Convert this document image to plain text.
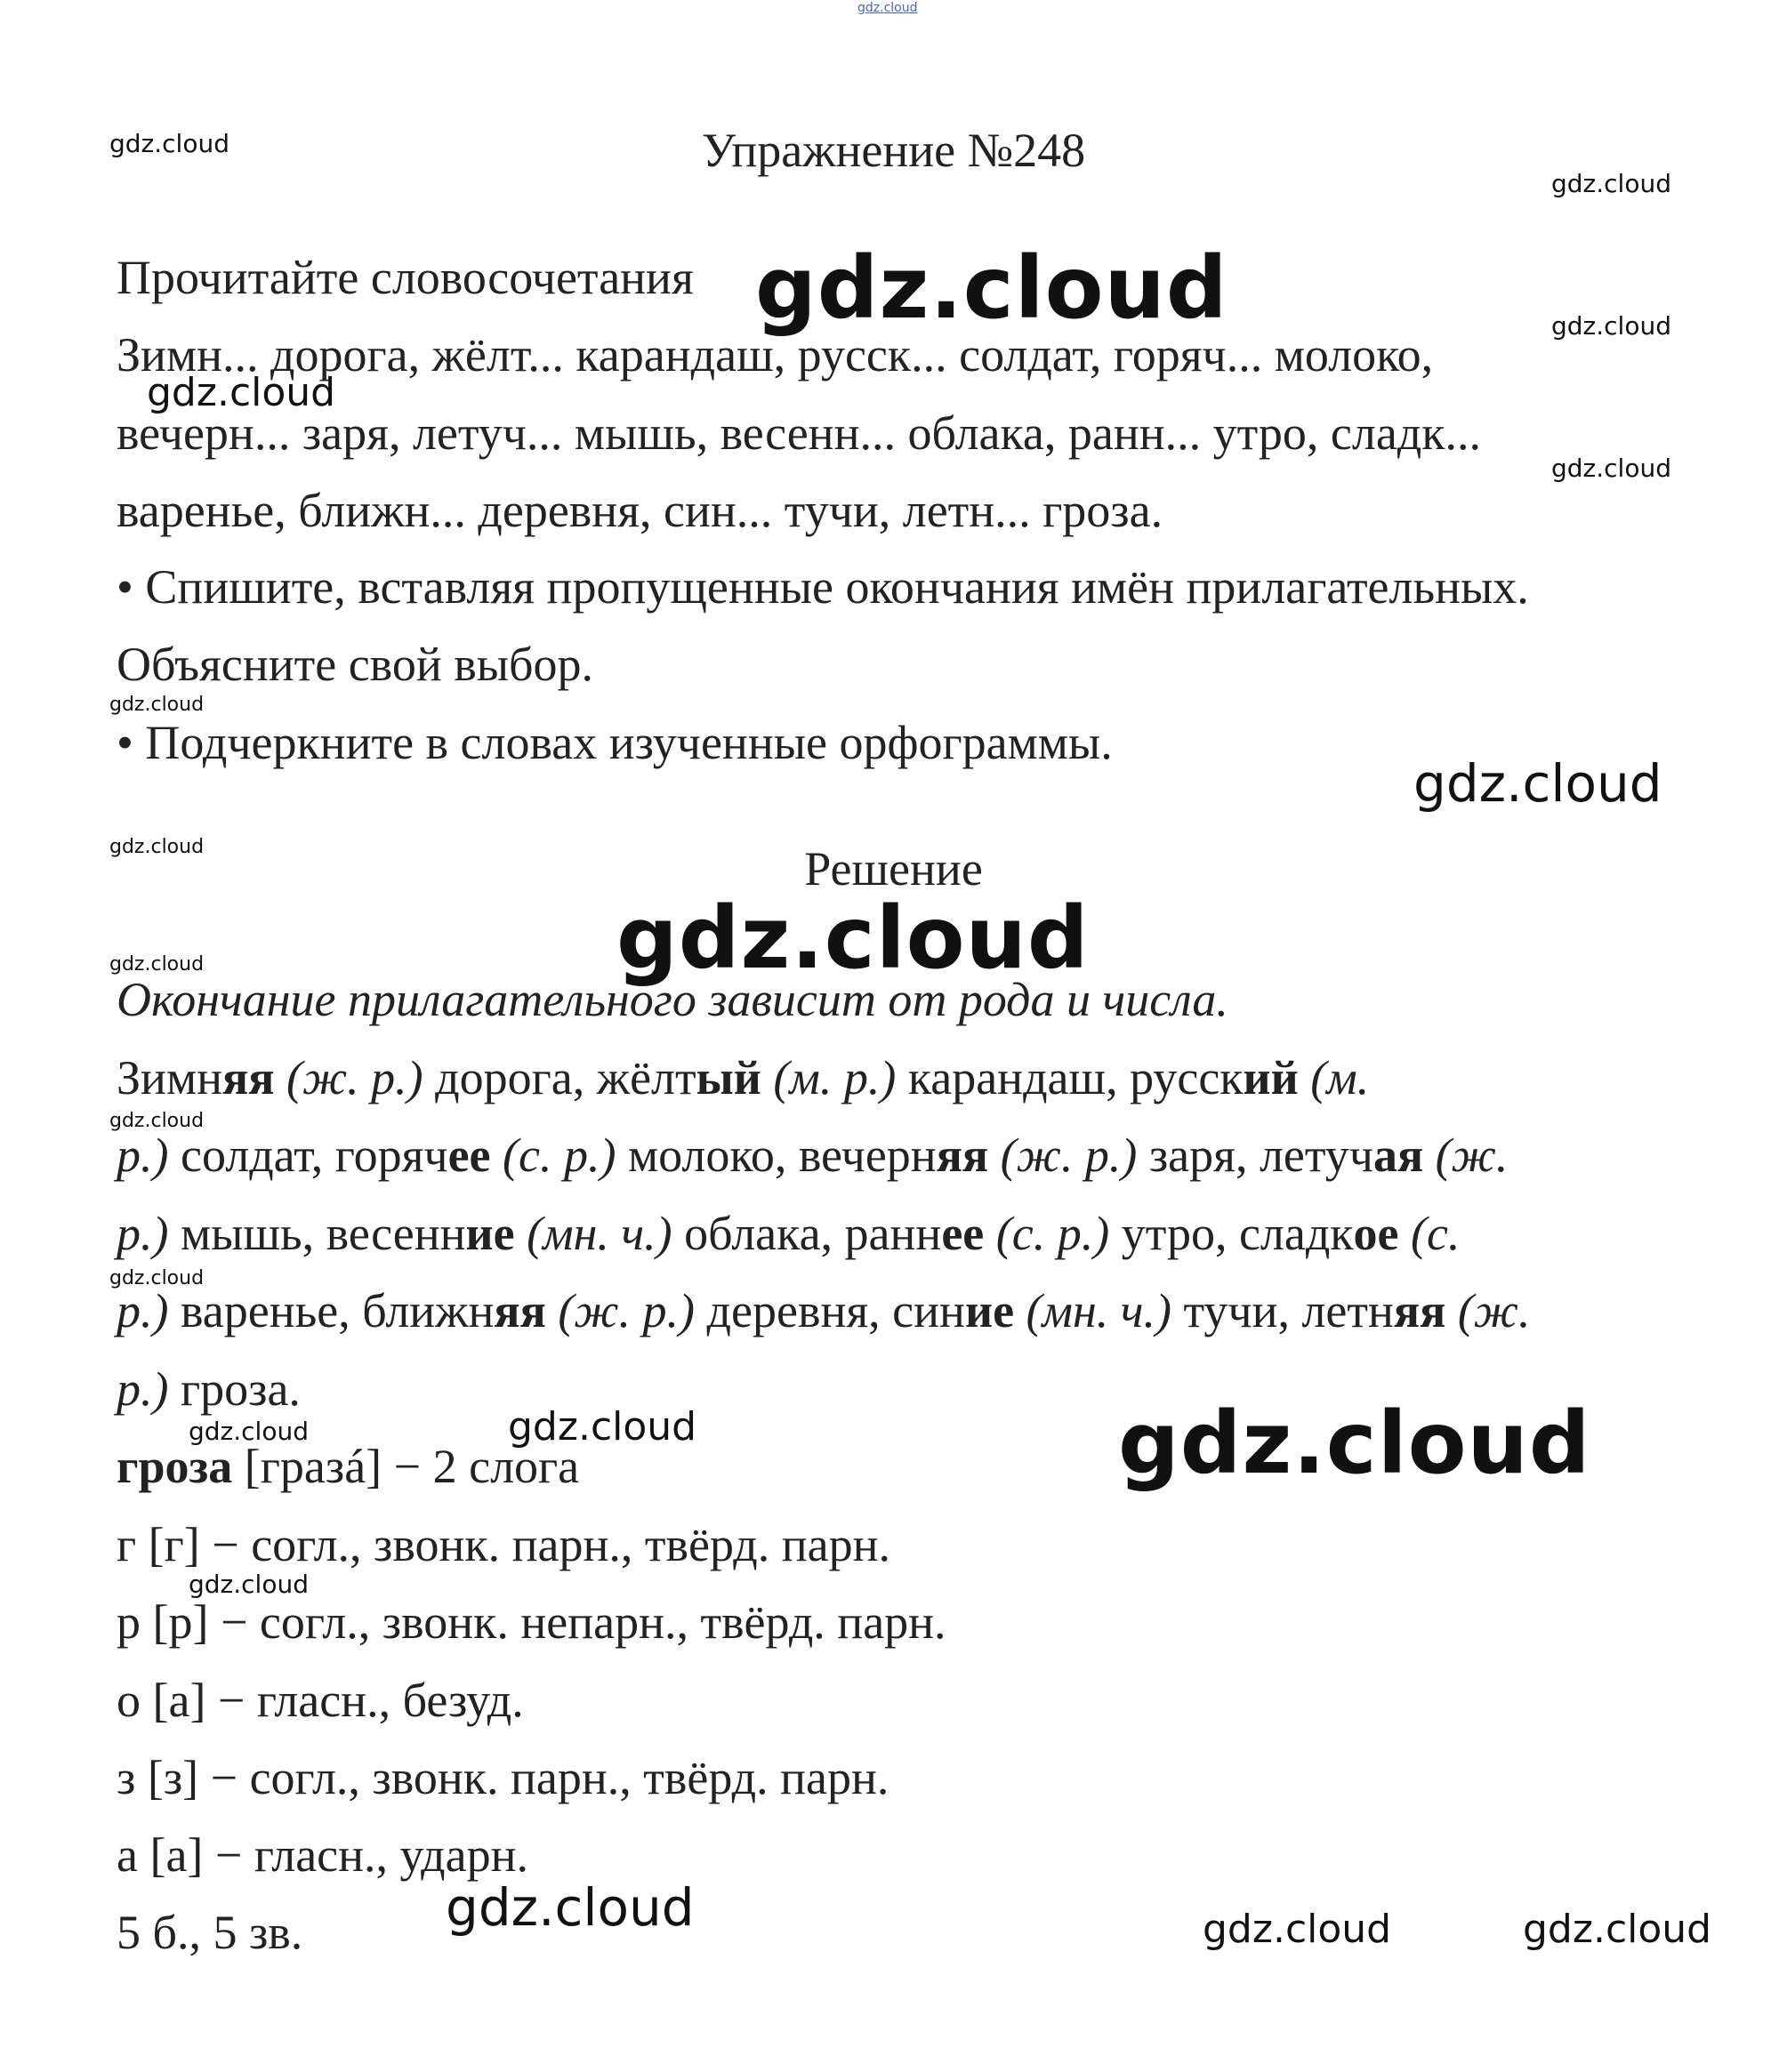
Упражнение №248
Прочитайте словосочетания
Зимн... дорога, жёлт... карандаш, русск... солдат, горяч... молоко,
вечерн... заря, летуч... мышь, весенн... облака, ранн... утро, сладк...
варенье, ближн... деревня, син... тучи, летн... гроза.
• Спишите, вставляя пропущенные окончания имён прилагательных.
Объясните свой выбор.
• Подчеркните в словах изученные орфограммы.
Решение
Окончание прилагательного зависит от рода и числа.
Зимняя (ж. р.) дорога, жёлтый (м. р.) карандаш, русский (м.
р.) солдат, горячее (с. р.) молоко, вечерняя (ж. р.) заря, летучая (ж.
р.) мышь, весенние (мн. ч.) облака, раннее (с. р.) утро, сладкое (с.
р.) варенье, ближняя (ж. р.) деревня, синие (мн. ч.) тучи, летняя (ж.
р.) гроза.
гроза [гразá] − 2 слога
г [г] − согл., звонк. парн., твёрд. парн.
р [р] − согл., звонк. непарн., твёрд. парн.
о [а] − гласн., безуд.
з [з] − согл., звонк. парн., твёрд. парн.
а [а] − гласн., ударн.
5 б., 5 зв.
gdz.cloud
gdz.cloud
gdz.cloud
gdz.cloud	gdz.cloud
gdz.cloud
gdz.cloud
gdz.cloud
gdz.cloud
gdz.cloud
gdz.cloud
gdz.cloud
gdz.cloud
gdz.cloud
gdz.cloud	gdz.cloud	gdz.cloud
gdz.cloud
gdz.cloud	gdz.cloud	gdz.cloud
